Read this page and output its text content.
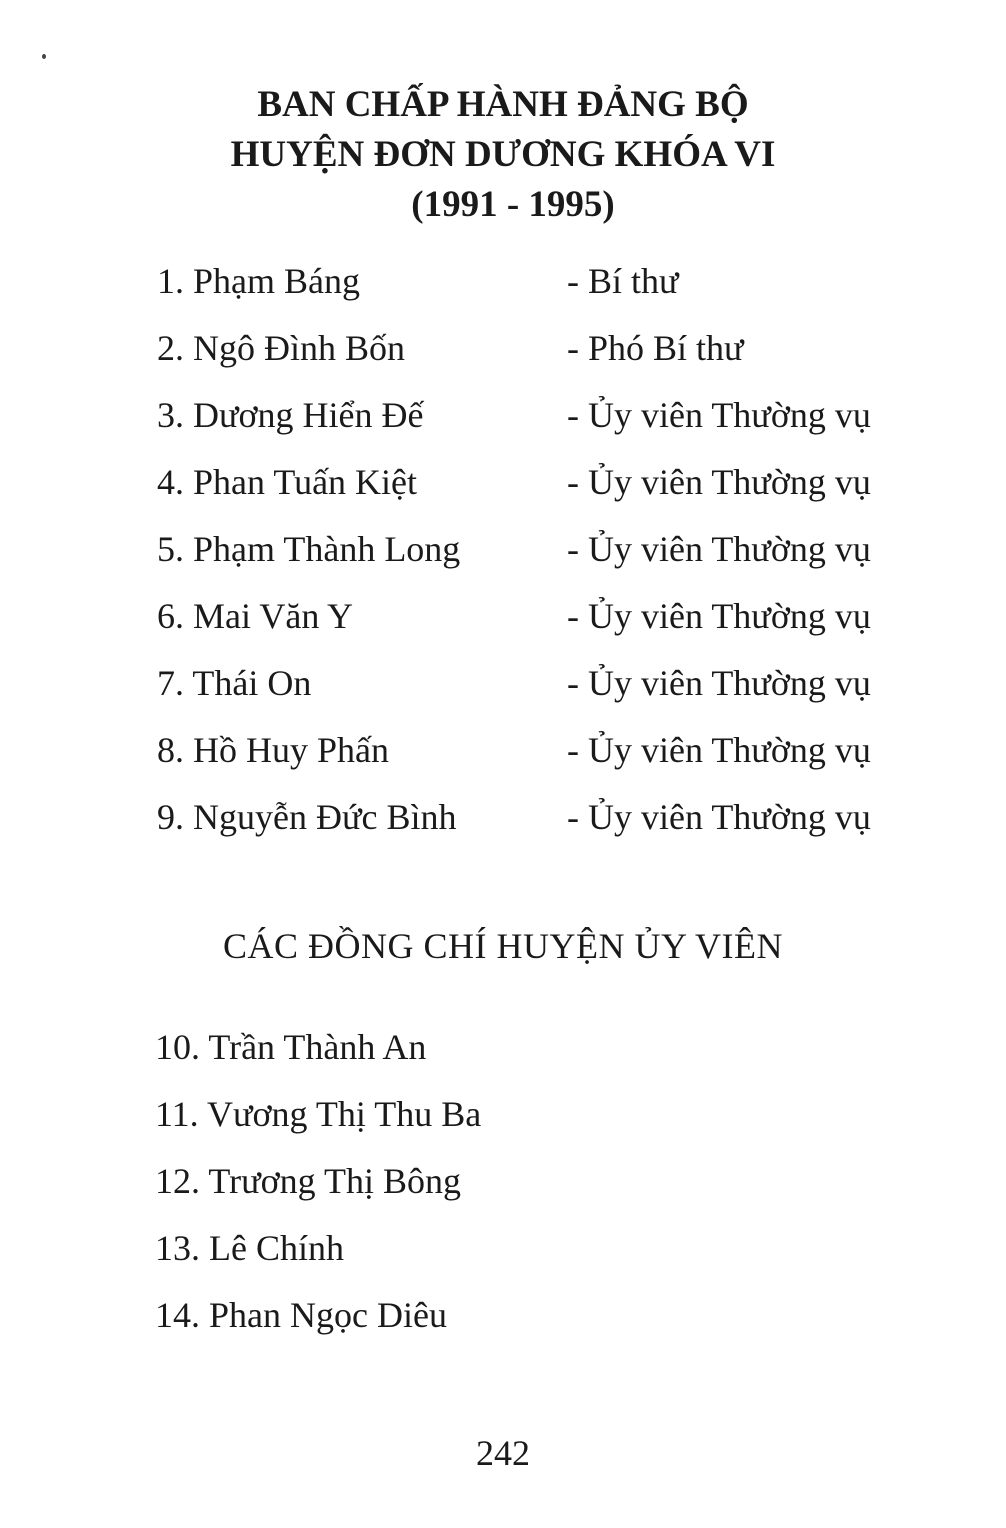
BAN CHẤP HÀNH ĐẢNG BỘ
HUYỆN ĐƠN DƯƠNG KHÓA VI
(1991 - 1995)
1. Phạm Báng	- Bí thư
2. Ngô Đình Bốn	- Phó Bí thư
3. Dương Hiển Đế	- Ủy viên Thường vụ
4. Phan Tuấn Kiệt	- Ủy viên Thường vụ
5. Phạm Thành Long	- Ủy viên Thường vụ
6. Mai Văn Y	- Ủy viên Thường vụ
7. Thái On	- Ủy viên Thường vụ
8. Hồ Huy Phấn	- Ủy viên Thường vụ
9. Nguyễn Đức Bình	- Ủy viên Thường vụ
CÁC ĐỒNG CHÍ HUYỆN ỦY VIÊN
10. Trần Thành An
11. Vương Thị Thu Ba
12. Trương Thị Bông
13. Lê Chính
14. Phan Ngọc Diêu
242
